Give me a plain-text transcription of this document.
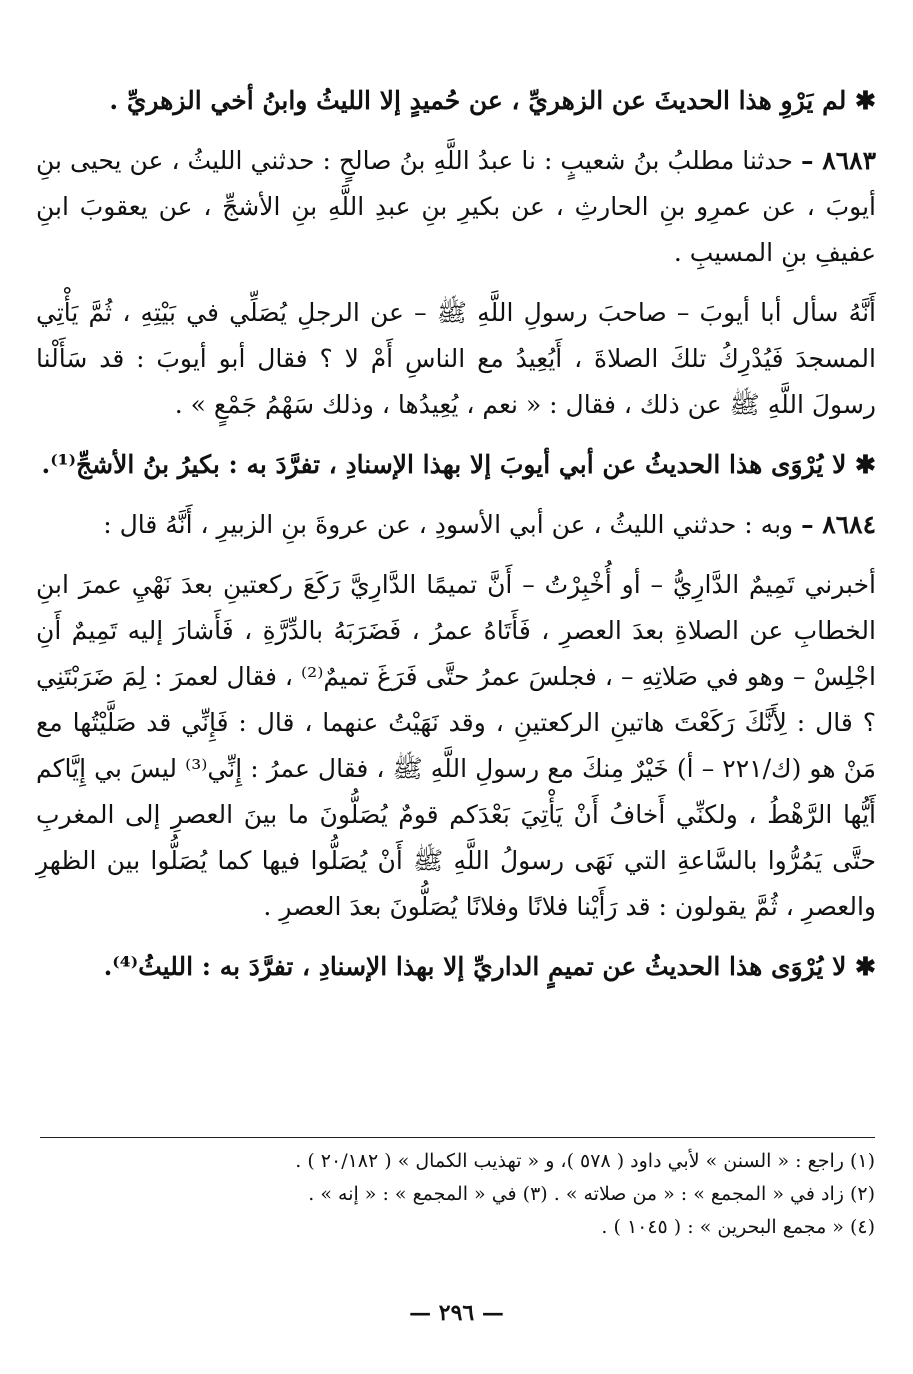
✱ لم يَرْوِ هذا الحديثَ عن الزهريِّ ، عن حُميدٍ إلا الليثُ وابنُ أخي الزهريِّ .

٨٦٨٣ – حدثنا مطلبُ بنُ شعيبٍ : نا عبدُ اللَّهِ بنُ صالحٍ : حدثني الليثُ ، عن يحيى بنِ أيوبَ ، عن عمرِو بنِ الحارثِ ، عن بكيرِ بنِ عبدِ اللَّهِ بنِ الأشجِّ ، عن يعقوبَ ابنِ عفيفِ بنِ المسيبِ .

أَنَّهُ سأل أبا أيوبَ – صاحبَ رسولِ اللَّهِ ﷺ – عن الرجلِ يُصَلِّي في بَيْتِهِ ، ثُمَّ يَأْتِي المسجدَ فَيُدْرِكُ تلكَ الصلاةَ ، أَيُعِيدُ مع الناسِ أَمْ لا ؟ فقال أبو أيوبَ : قد سَأَلْنا رسولَ اللَّهِ ﷺ عن ذلك ، فقال : « نعم ، يُعِيدُها ، وذلك سَهْمُ جَمْعٍ » .

✱ لا يُرْوَى هذا الحديثُ عن أبي أيوبَ إلا بهذا الإسنادِ ، تفرَّدَ به : بكيرُ بنُ الأشجِّ⁽¹⁾.

٨٦٨٤ – وبه : حدثني الليثُ ، عن أبي الأسودِ ، عن عروةَ بنِ الزبيرِ ، أَنَّهُ قال :

أخبرني تَمِيمٌ الدَّارِيُّ – أو أُخْبِرْتُ – أَنَّ تميمًا الدَّارِيَّ رَكَعَ ركعتينِ بعدَ نَهْيِ عمرَ ابنِ الخطابِ عن الصلاةِ بعدَ العصرِ ، فَأَتَاهُ عمرُ ، فَضَرَبَهُ بالدِّرَّةِ ، فَأَشارَ إليه تَمِيمٌ أَنِ اجْلِسْ – وهو في صَلاتِهِ – ، فجلسَ عمرُ حتَّى فَرَغَ تميمٌ⁽²⁾ ، فقال لعمرَ : لِمَ ضَرَبْتَنِي ؟ قال : لِأَنَّكَ رَكَعْتَ هاتينِ الركعتينِ ، وقد نَهَيْتُ عنهما ، قال : فَإِنِّي قد صَلَّيْتُها مع مَنْ هو (ك/٢٢١ – أ) خَيْرٌ مِنكَ مع رسولِ اللَّهِ ﷺ ، فقال عمرُ : إِنِّي⁽³⁾ ليسَ بي إِيَّاكم أَيُّها الرَّهْطُ ، ولكنِّي أَخافُ أَنْ يَأْتِيَ بَعْدَكم قومٌ يُصَلُّونَ ما بينَ العصرِ إلى المغربِ حتَّى يَمُرُّوا بالسَّاعةِ التي نَهَى رسولُ اللَّهِ ﷺ أَنْ يُصَلُّوا فيها كما يُصَلُّوا بين الظهرِ والعصرِ ، ثُمَّ يقولون : قد رَأَيْنا فلانًا وفلانًا يُصَلُّونَ بعدَ العصرِ .

✱ لا يُرْوَى هذا الحديثُ عن تميمٍ الداريِّ إلا بهذا الإسنادِ ، تفرَّدَ به : الليثُ⁽⁴⁾.

(١) راجع : « السنن » لأبي داود ( ٥٧٨ )، و « تهذيب الكمال » ( ٢٠/١٨٢ ) .

(٢) زاد في « المجمع » : « من صلاته » . (٣) في « المجمع » : « إنه » .

(٤) « مجمع البحرين » : ( ١٠٤٥ ) .

— ٢٩٦ —
